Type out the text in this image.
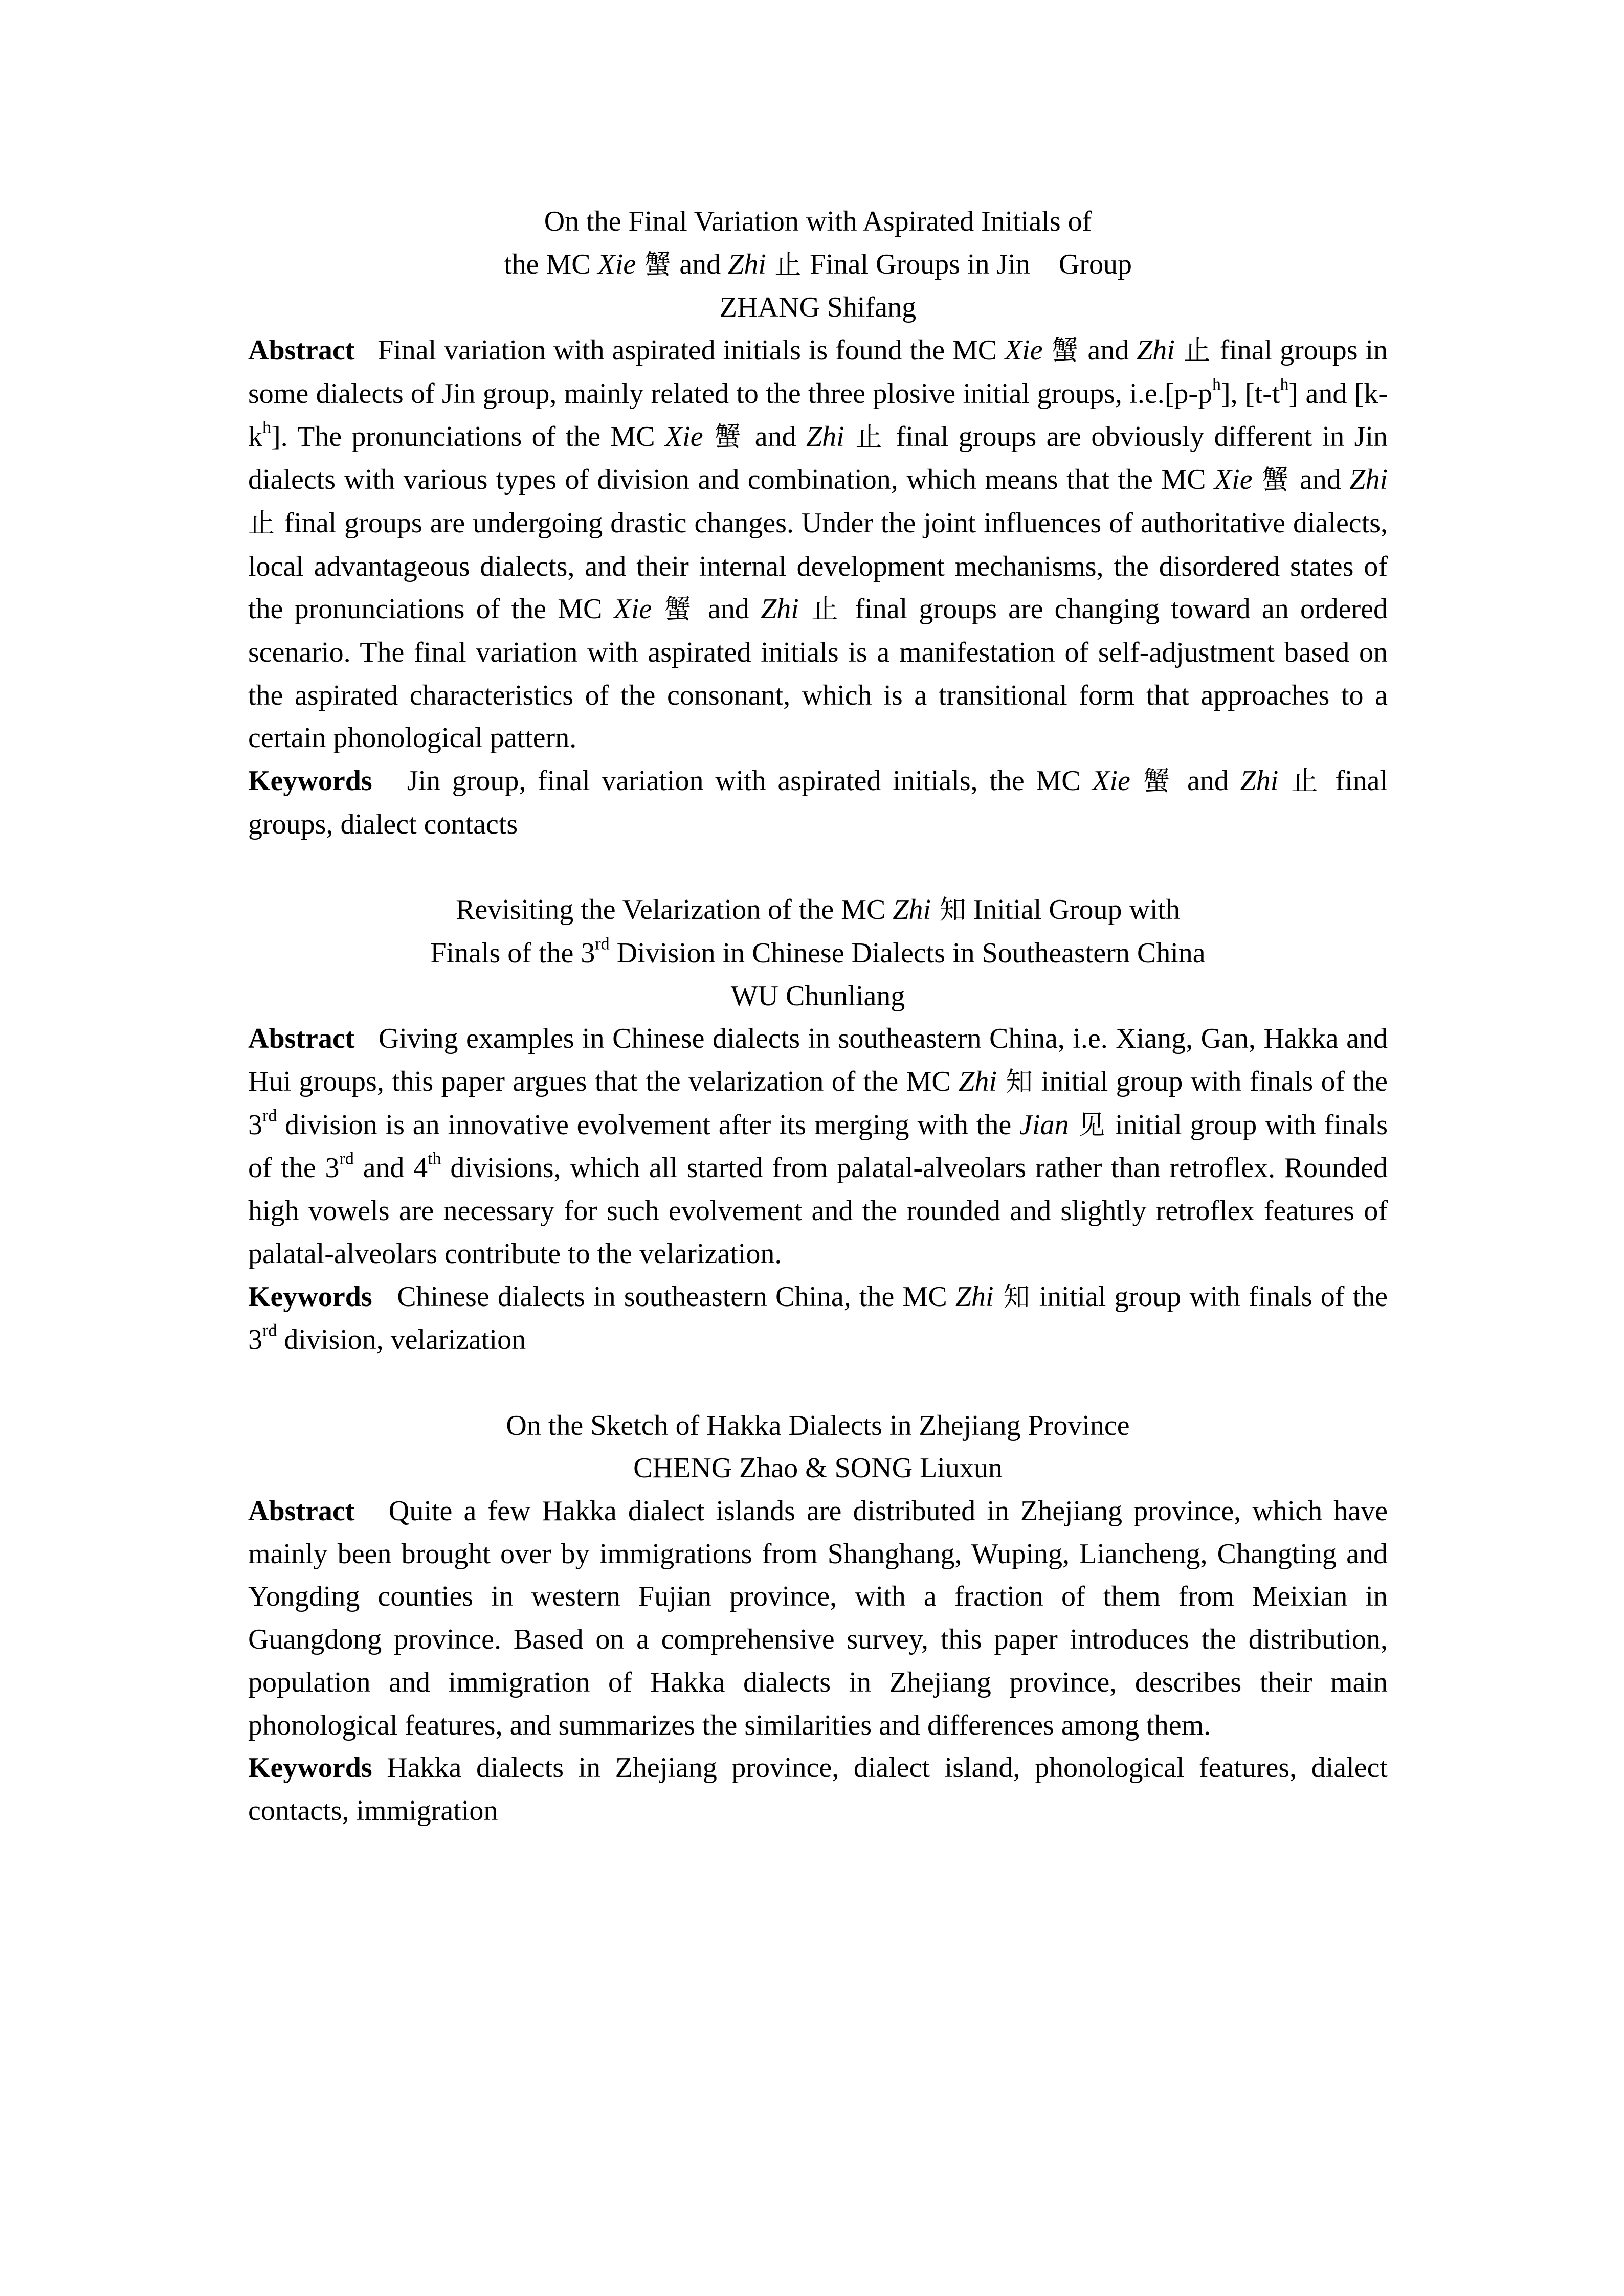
On the Final Variation with Aspirated Initials of
the MC Xie 蟹 and Zhi 止 Final Groups in Jin    Group
ZHANG Shifang

Abstract   Final variation with aspirated initials is found the MC Xie 蟹 and Zhi 止 final groups in some dialects of Jin group, mainly related to the three plosive initial groups, $i.e.[p-p^h]$, $[t-t^h]$ and $[k-k^h]$. The pronunciations of the MC Xie 蟹 and Zhi 止 final groups are obviously different in Jin dialects with various types of division and combination, which means that the MC Xie 蟹 and Zhi 止 final groups are undergoing drastic changes. Under the joint influences of authoritative dialects, local advantageous dialects, and their internal development mechanisms, the disordered states of the pronunciations of the MC Xie 蟹 and Zhi 止 final groups are changing toward an ordered scenario. The final variation with aspirated initials is a manifestation of self-adjustment based on the aspirated characteristics of the consonant, which is a transitional form that approaches to a certain phonological pattern.

Keywords   Jin group, final variation with aspirated initials, the MC Xie 蟹 and Zhi 止 final groups, dialect contacts

Revisiting the Velarization of the MC Zhi 知 Initial Group with
Finals of the 3rd Division in Chinese Dialects in Southeastern China
WU Chunliang

Abstract   Giving examples in Chinese dialects in southeastern China, i.e. Xiang, Gan, Hakka and Hui groups, this paper argues that the velarization of the MC Zhi 知 initial group with finals of the 3rd division is an innovative evolvement after its merging with the Jian 见 initial group with finals of the 3rd and 4th divisions, which all started from palatal-alveolars rather than retroflex. Rounded high vowels are necessary for such evolvement and the rounded and slightly retroflex features of palatal-alveolars contribute to the velarization.

Keywords   Chinese dialects in southeastern China, the MC Zhi 知 initial group with finals of the 3rd division, velarization

On the Sketch of Hakka Dialects in Zhejiang Province
CHENG Zhao & SONG Liuxun

Abstract   Quite a few Hakka dialect islands are distributed in Zhejiang province, which have mainly been brought over by immigrations from Shanghang, Wuping, Liancheng, Changting and Yongding counties in western Fujian province, with a fraction of them from Meixian in Guangdong province. Based on a comprehensive survey, this paper introduces the distribution, population and immigration of Hakka dialects in Zhejiang province, describes their main phonological features, and summarizes the similarities and differences among them.

Keywords Hakka dialects in Zhejiang province, dialect island, phonological features, dialect contacts, immigration
